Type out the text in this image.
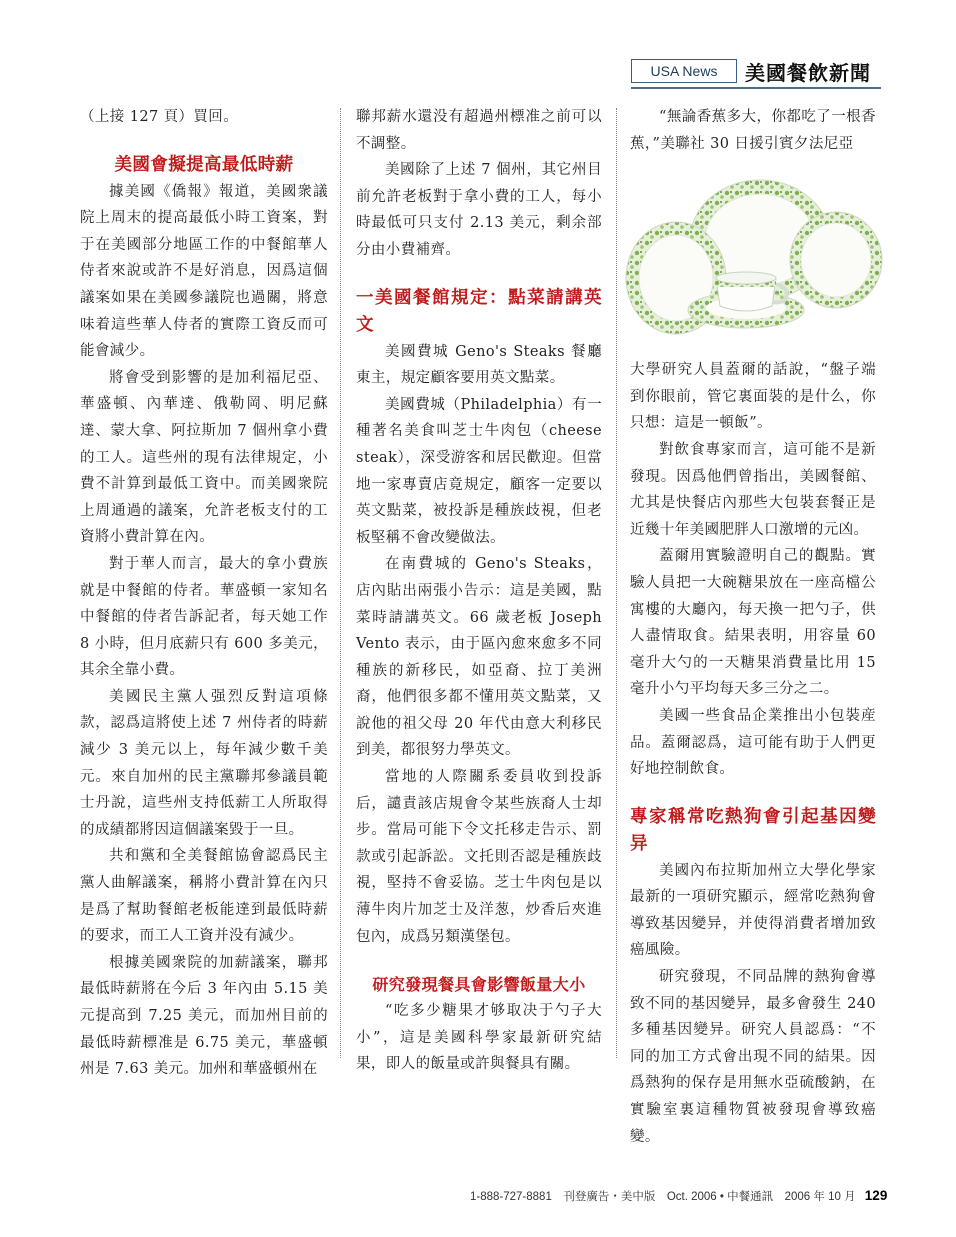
USA News	美國餐飲新聞

（上接 127 頁）買回。

美國會擬提高最低時薪

據美國《僑報》報道，美國衆議院上周末的提高最低小時工資案，對于在美國部分地區工作的中餐館華人侍者來說或許不是好消息，因爲這個議案如果在美國參議院也過關，將意味着這些華人侍者的實際工資反而可能會減少。

將會受到影響的是加利福尼亞、華盛頓、內華達、俄勒岡、明尼蘇達、蒙大拿、阿拉斯加 7 個州拿小費的工人。這些州的現有法律規定，小費不計算到最低工資中。而美國衆院上周通過的議案，允許老板支付的工資將小費計算在內。

對于華人而言，最大的拿小費族就是中餐館的侍者。華盛頓一家知名中餐館的侍者告訴記者，每天她工作 8 小時，但月底薪只有 600 多美元，其余全靠小費。

美國民主黨人强烈反對這項條款，認爲這將使上述 7 州侍者的時薪減少 3 美元以上，每年減少數千美元。來自加州的民主黨聯邦參議員範士丹說，這些州支持低薪工人所取得的成績都將因這個議案毀于一旦。

共和黨和全美餐館協會認爲民主黨人曲解議案，稱將小費計算在內只是爲了幫助餐館老板能達到最低時薪的要求，而工人工資并没有減少。

根據美國衆院的加薪議案，聯邦最低時薪將在今后 3 年內由 5.15 美元提高到 7.25 美元，而加州目前的最低時薪標准是 6.75 美元，華盛頓州是 7.63 美元。加州和華盛頓州在

聯邦薪水還没有超過州標准之前可以不調整。

美國除了上述 7 個州，其它州目前允許老板對于拿小費的工人，每小時最低可只支付 2.13 美元，剩余部分由小費補齊。

一美國餐館規定：點菜請講英文

美國費城 Geno's Steaks 餐廳東主，規定顧客要用英文點菜。

美國費城（Philadelphia）有一種著名美食叫芝士牛肉包（cheese steak），深受游客和居民歡迎。但當地一家專賣店竟規定，顧客一定要以英文點菜，被投訴是種族歧視，但老板堅稱不會改變做法。

在南費城的 Geno's Steaks，店內貼出兩張小告示：這是美國，點菜時請講英文。66 歲老板 Joseph Vento 表示，由于區內愈來愈多不同種族的新移民，如亞裔、拉丁美洲裔，他們很多都不懂用英文點菜，又說他的祖父母 20 年代由意大利移民到美，都很努力學英文。

當地的人際關系委員收到投訴后，譴責該店規會令某些族裔人士却步。當局可能下令文托移走告示、罰款或引起訴訟。文托則否認是種族歧視，堅持不會妥協。芝士牛肉包是以薄牛肉片加芝士及洋葱，炒香后夾進包內，成爲另類漢堡包。

研究發現餐具會影響飯量大小

“吃多少糖果才够取决于勺子大小”，這是美國科學家最新研究結果，即人的飯量或許與餐具有關。

“無論香蕉多大，你都吃了一根香蕉，”美聯社 30 日援引賓夕法尼亞

大學研究人員蓋爾的話說，“盤子端到你眼前，管它裏面裝的是什么，你只想：這是一頓飯”。

對飲食專家而言，這可能不是新發現。因爲他們曾指出，美國餐館、尤其是快餐店內那些大包裝套餐正是近幾十年美國肥胖人口激增的元凶。

蓋爾用實驗證明自己的觀點。實驗人員把一大碗糖果放在一座高檔公寓樓的大廳內，每天換一把勺子，供人盡情取食。結果表明，用容量 60 毫升大勺的一天糖果消費量比用 15 毫升小勺平均每天多三分之二。

美國一些食品企業推出小包裝産品。蓋爾認爲，這可能有助于人們更好地控制飲食。

專家稱常吃熱狗會引起基因變异

美國內布拉斯加州立大學化學家最新的一項研究顯示，經常吃熱狗會導致基因變异，并使得消費者增加致癌風險。

研究發現，不同品牌的熱狗會導致不同的基因變异，最多會發生 240 多種基因變异。研究人員認爲：“不同的加工方式會出現不同的結果。因爲熱狗的保存是用無水亞硫酸鈉，在實驗室裏這種物質被發現會導致癌變。

1-888-727-8881　刊登廣告・美中版　Oct. 2006 • 中餐通訊　2006 年 10 月 129
